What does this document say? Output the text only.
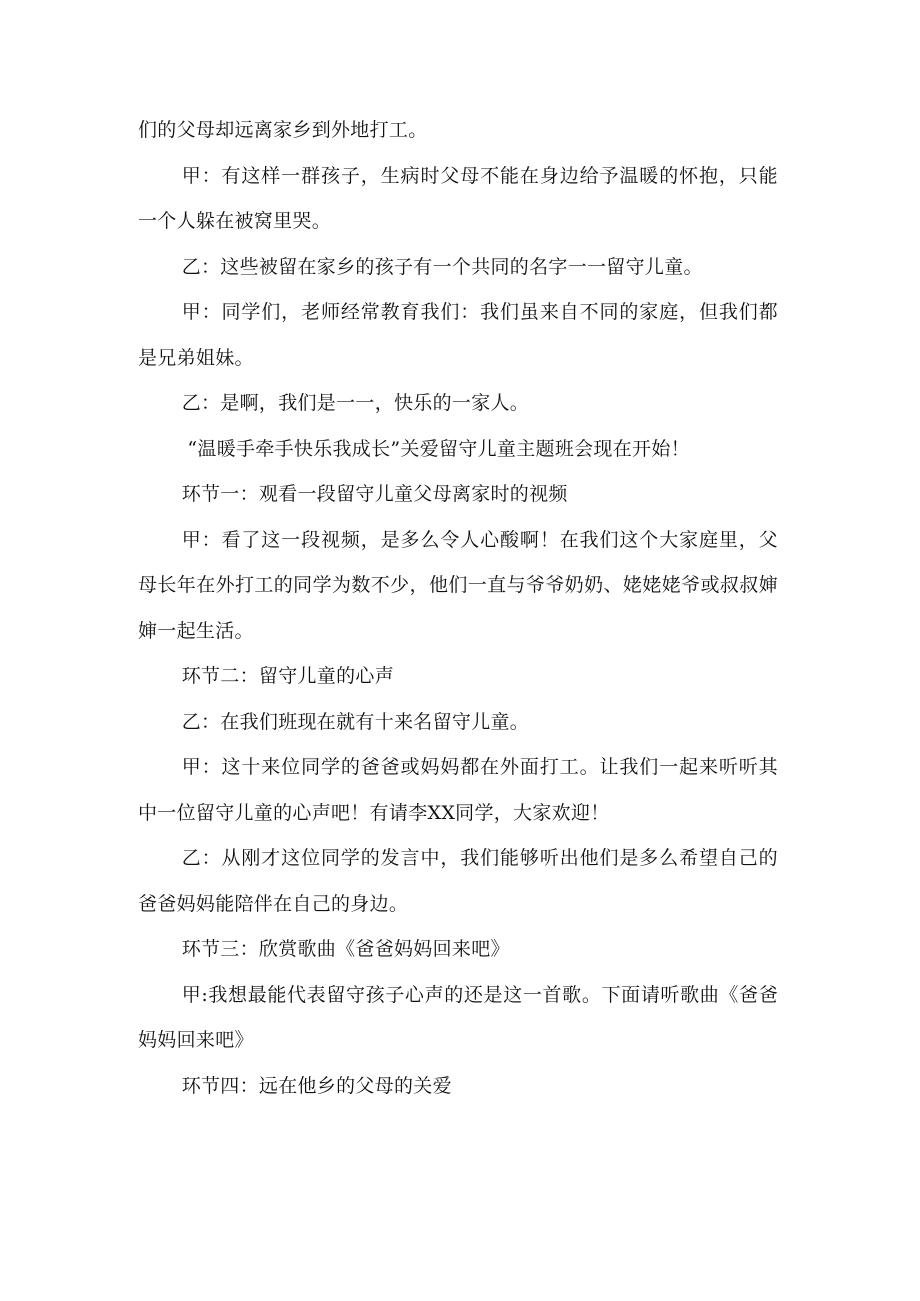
们的父母却远离家乡到外地打工。

甲：有这样一群孩子，生病时父母不能在身边给予温暖的怀抱，只能一个人躲在被窝里哭。

乙：这些被留在家乡的孩子有一个共同的名字一一留守儿童。

甲：同学们，老师经常教育我们：我们虽来自不同的家庭，但我们都是兄弟姐妹。

乙：是啊，我们是一一，快乐的一家人。

“温暖手牵手快乐我成长”关爱留守儿童主题班会现在开始！

环节一：观看一段留守儿童父母离家时的视频

甲：看了这一段视频，是多么令人心酸啊！在我们这个大家庭里，父母长年在外打工的同学为数不少，他们一直与爷爷奶奶、姥姥姥爷或叔叔婶婶一起生活。

环节二：留守儿童的心声

乙：在我们班现在就有十来名留守儿童。

甲：这十来位同学的爸爸或妈妈都在外面打工。让我们一起来听听其中一位留守儿童的心声吧！有请李XX同学，大家欢迎！

乙：从刚才这位同学的发言中，我们能够听出他们是多么希望自己的爸爸妈妈能陪伴在自己的身边。

环节三：欣赏歌曲《爸爸妈妈回来吧》

甲:我想最能代表留守孩子心声的还是这一首歌。下面请听歌曲《爸爸妈妈回来吧》

环节四：远在他乡的父母的关爱
